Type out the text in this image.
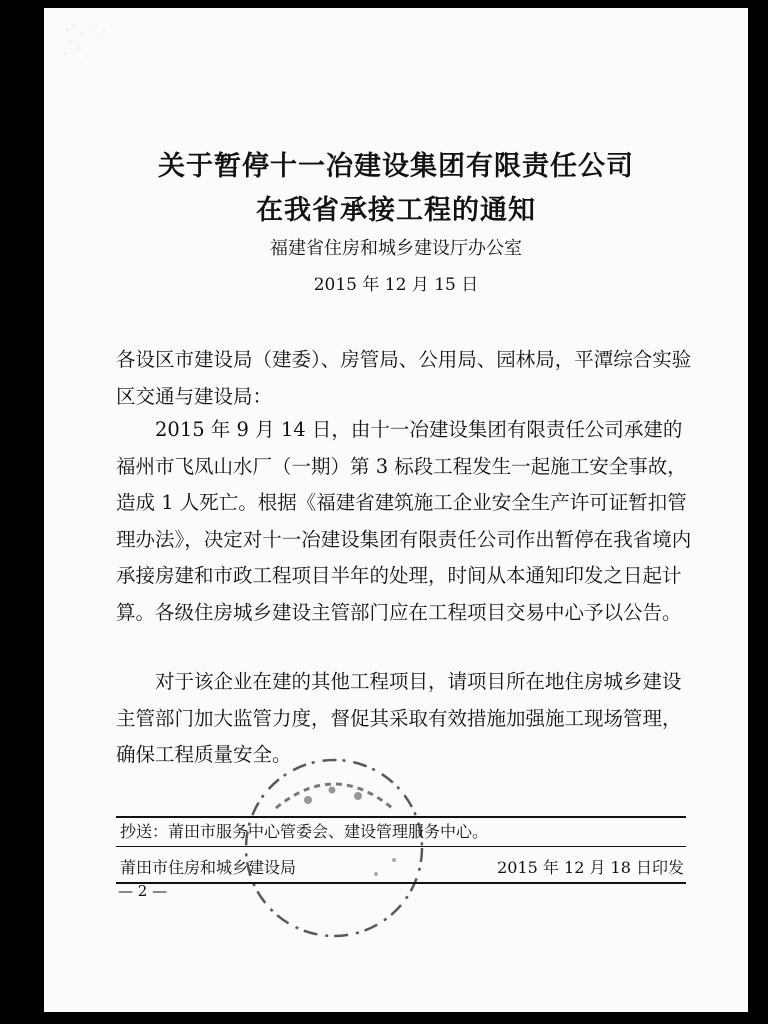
关于暂停十一冶建设集团有限责任公司
在我省承接工程的通知
福建省住房和城乡建设厅办公室
2015 年 12 月 15 日
各设区市建设局（建委）、房管局、公用局、园林局，平潭综合实验区交通与建设局：

2015 年 9 月 14 日，由十一冶建设集团有限责任公司承建的福州市飞凤山水厂（一期）第 3 标段工程发生一起施工安全事故，造成 1 人死亡。根据《福建省建筑施工企业安全生产许可证暂扣管理办法》，决定对十一冶建设集团有限责任公司作出暂停在我省境内承接房建和市政工程项目半年的处理，时间从本通知印发之日起计算。各级住房城乡建设主管部门应在工程项目交易中心予以公告。

对于该企业在建的其他工程项目，请项目所在地住房城乡建设主管部门加大监管力度，督促其采取有效措施加强施工现场管理，确保工程质量安全。

抄送：莆田市服务中心管委会、建设管理服务中心。
莆田市住房和城乡建设局	2015 年 12 月 18 日印发
— 2 —
